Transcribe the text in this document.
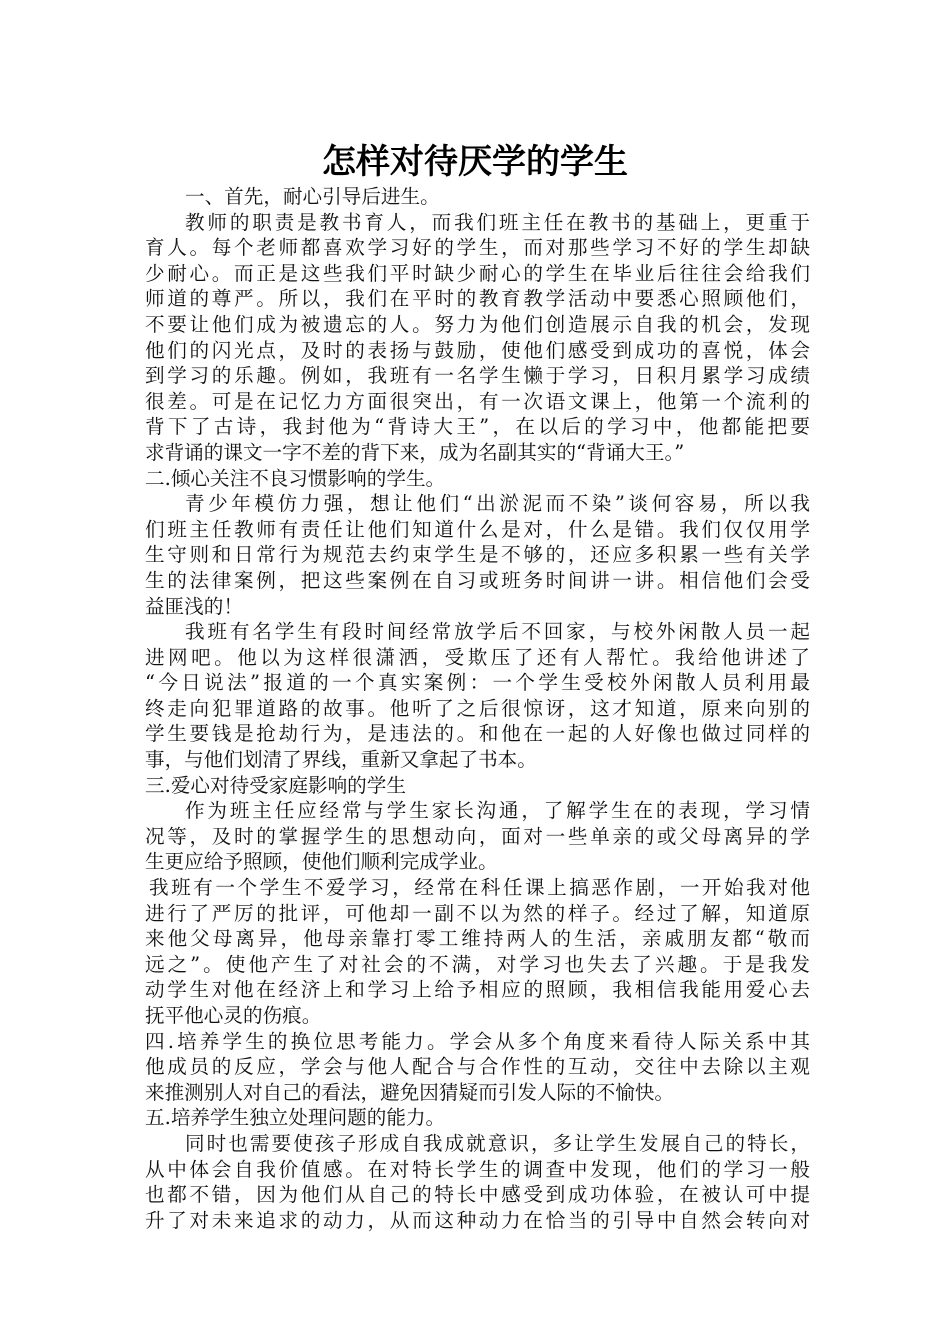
怎样对待厌学的学生
一、首先，耐心引导后进生。
教师的职责是教书育人，而我们班主任在教书的基础上，更重于
育人。每个老师都喜欢学习好的学生，而对那些学习不好的学生却缺
少耐心。而正是这些我们平时缺少耐心的学生在毕业后往往会给我们
师道的尊严。所以，我们在平时的教育教学活动中要悉心照顾他们，
不要让他们成为被遗忘的人。努力为他们创造展示自我的机会，发现
他们的闪光点，及时的表扬与鼓励，使他们感受到成功的喜悦，体会
到学习的乐趣。例如，我班有一名学生懒于学习，日积月累学习成绩
很差。可是在记忆力方面很突出，有一次语文课上，他第一个流利的
背下了古诗，我封他为“背诗大王”，在以后的学习中，他都能把要
求背诵的课文一字不差的背下来，成为名副其实的“背诵大王。”
二.倾心关注不良习惯影响的学生。
青少年模仿力强，想让他们“出淤泥而不染”谈何容易，所以我
们班主任教师有责任让他们知道什么是对，什么是错。我们仅仅用学
生守则和日常行为规范去约束学生是不够的，还应多积累一些有关学
生的法律案例，把这些案例在自习或班务时间讲一讲。相信他们会受
益匪浅的！
我班有名学生有段时间经常放学后不回家，与校外闲散人员一起
进网吧。他以为这样很潇洒，受欺压了还有人帮忙。我给他讲述了
“今日说法”报道的一个真实案例：一个学生受校外闲散人员利用最
终走向犯罪道路的故事。他听了之后很惊讶，这才知道，原来向别的
学生要钱是抢劫行为，是违法的。和他在一起的人好像也做过同样的
事，与他们划清了界线，重新又拿起了书本。
三.爱心对待受家庭影响的学生
作为班主任应经常与学生家长沟通，了解学生在的表现，学习情
况等，及时的掌握学生的思想动向，面对一些单亲的或父母离异的学
生更应给予照顾，使他们顺利完成学业。
我班有一个学生不爱学习，经常在科任课上搞恶作剧，一开始我对他
进行了严厉的批评，可他却一副不以为然的样子。经过了解，知道原
来他父母离异，他母亲靠打零工维持两人的生活，亲戚朋友都“敬而
远之”。使他产生了对社会的不满，对学习也失去了兴趣。于是我发
动学生对他在经济上和学习上给予相应的照顾，我相信我能用爱心去
抚平他心灵的伤痕。
四.培养学生的换位思考能力。学会从多个角度来看待人际关系中其
他成员的反应，学会与他人配合与合作性的互动，交往中去除以主观
来推测别人对自己的看法，避免因猜疑而引发人际的不愉快。
五.培养学生独立处理问题的能力。
同时也需要使孩子形成自我成就意识，多让学生发展自己的特长，
从中体会自我价值感。在对特长学生的调查中发现，他们的学习一般
也都不错，因为他们从自己的特长中感受到成功体验，在被认可中提
升了对未来追求的动力，从而这种动力在恰当的引导中自然会转向对
